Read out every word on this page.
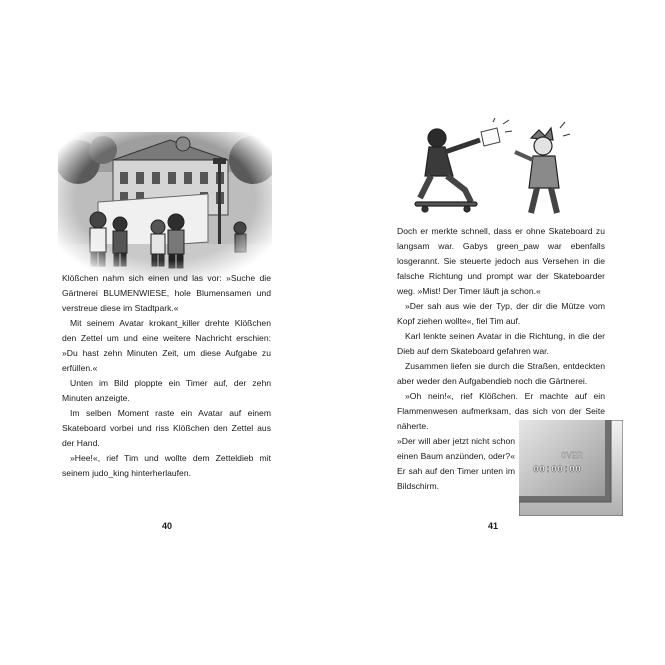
Klößchen nahm sich einen und las vor: »Suche die Gärtnerei BLUMENWIESE, hole Blumensamen und verstreue diese im Stadtpark.«

Mit seinem Avatar krokant_killer drehte Klößchen den Zettel um und eine weitere Nachricht erschien: »Du hast zehn Minuten Zeit, um diese Aufgabe zu erfüllen.«

Unten im Bild ploppte ein Timer auf, der zehn Minuten anzeigte.

Im selben Moment raste ein Avatar auf einem Skateboard vorbei und riss Klößchen den Zettel aus der Hand.

»Hee!«, rief Tim und wollte dem Zetteldieb mit seinem judo_king hinterherlaufen.

40

Doch er merkte schnell, dass er ohne Skateboard zu langsam war. Gabys green_paw war ebenfalls losgerannt. Sie steuerte jedoch aus Versehen in die falsche Richtung und prompt war der Skateboarder weg. »Mist! Der Timer läuft ja schon.«

»Der sah aus wie der Typ, der dir die Mütze vom Kopf ziehen wollte«, fiel Tim auf.

Karl lenkte seinen Avatar in die Richtung, in die der Dieb auf dem Skateboard gefahren war.

Zusammen liefen sie durch die Straßen, entdeckten aber weder den Aufgabendieb noch die Gärtnerei.

»Oh nein!«, rief Klößchen. Er machte auf ein Flammenwesen aufmerksam, das sich von der Seite näherte.

»Der will aber jetzt nicht schon einen Baum anzünden, oder?« Er sah auf den Timer unten im Bildschirm.

OVER
00:00:00
41
